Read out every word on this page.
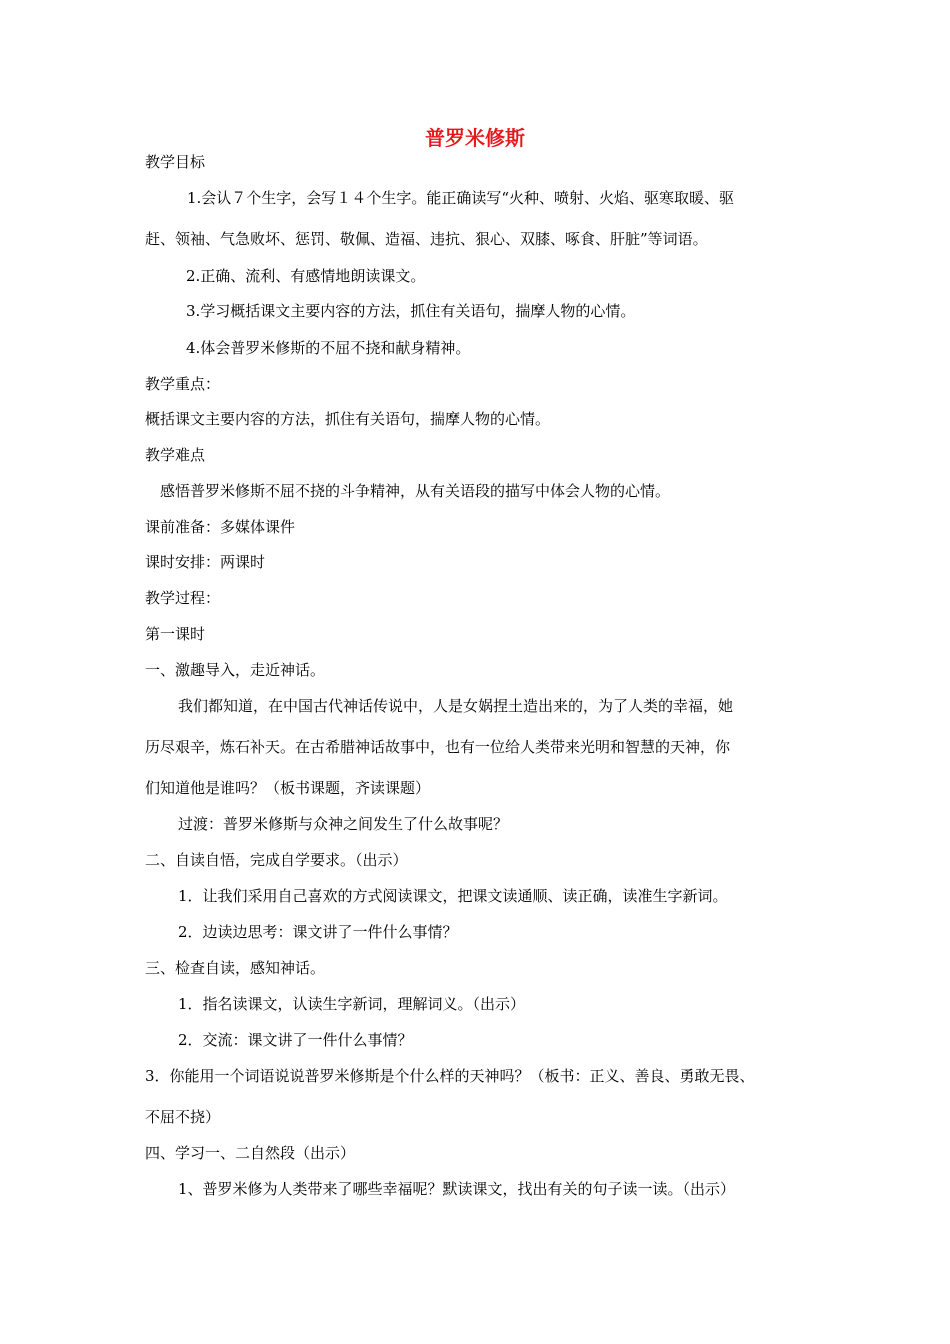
普罗米修斯
教学目标
1.会认７个生字，会写１４个生字。能正确读写“火种、喷射、火焰、驱寒取暖、驱
赶、领袖、气急败坏、惩罚、敬佩、造福、违抗、狠心、双膝、啄食、肝脏”等词语。
2.正确、流利、有感情地朗读课文。
3.学习概括课文主要内容的方法，抓住有关语句，揣摩人物的心情。
4.体会普罗米修斯的不屈不挠和献身精神。
教学重点：
概括课文主要内容的方法，抓住有关语句，揣摩人物的心情。
教学难点
感悟普罗米修斯不屈不挠的斗争精神，从有关语段的描写中体会人物的心情。
课前准备：多媒体课件
课时安排：两课时
教学过程：
第一课时
一、激趣导入，走近神话。
我们都知道，在中国古代神话传说中，人是女娲捏土造出来的，为了人类的幸福，她
历尽艰辛，炼石补天。在古希腊神话故事中，也有一位给人类带来光明和智慧的天神，你
们知道他是谁吗？（板书课题，齐读课题）
过渡：普罗米修斯与众神之间发生了什么故事呢？
二、自读自悟，完成自学要求。（出示）
1．让我们采用自己喜欢的方式阅读课文，把课文读通顺、读正确，读准生字新词。
2．边读边思考：课文讲了一件什么事情？
三、检查自读，感知神话。
1．指名读课文，认读生字新词，理解词义。（出示）
2．交流：课文讲了一件什么事情？
3．你能用一个词语说说普罗米修斯是个什么样的天神吗？（板书：正义、善良、勇敢无畏、
不屈不挠）
四、学习一、二自然段（出示）
1、普罗米修为人类带来了哪些幸福呢？默读课文，找出有关的句子读一读。（出示）
